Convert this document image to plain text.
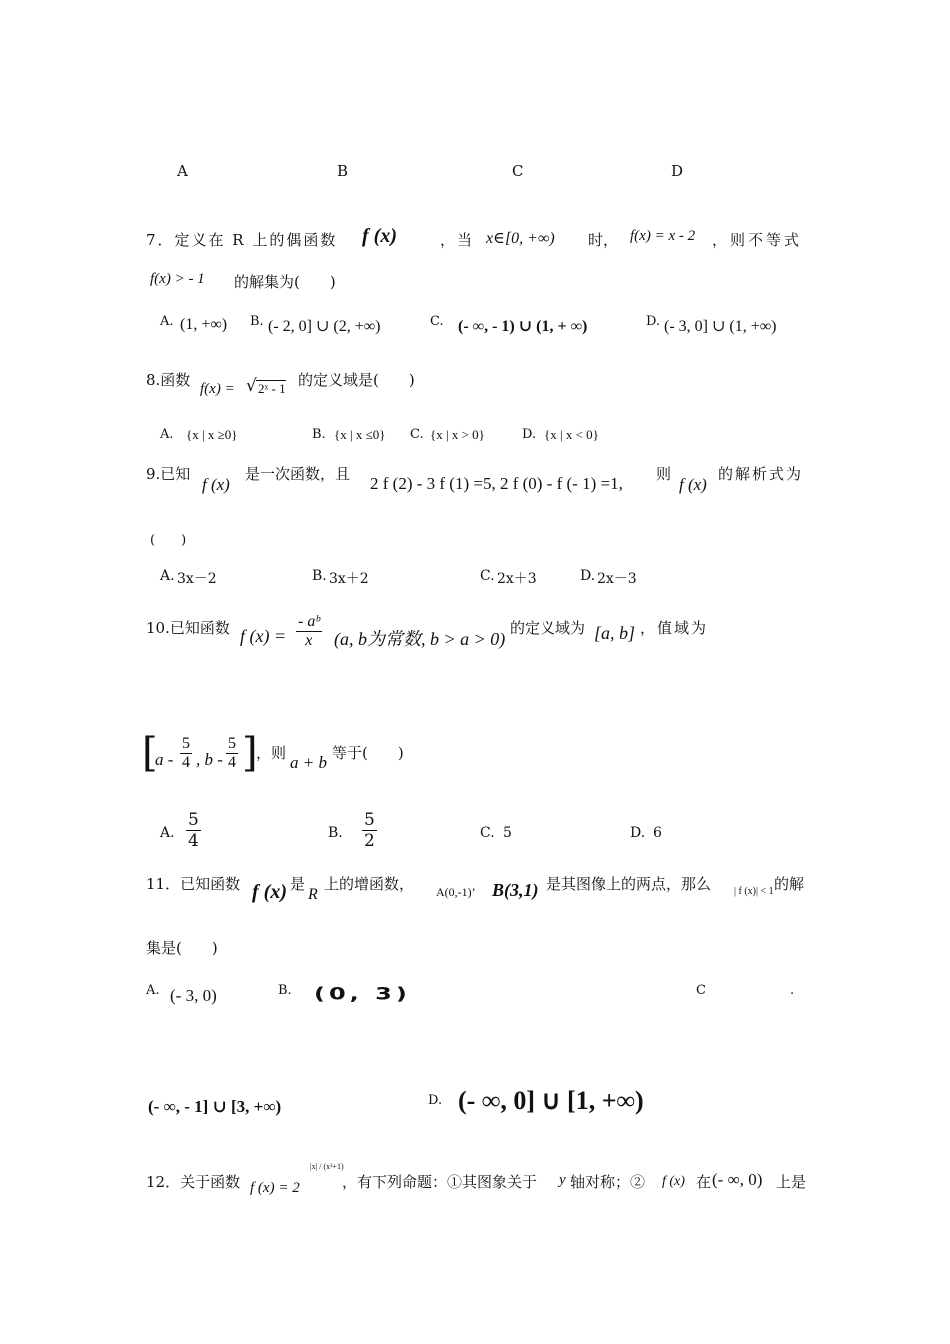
A	B	C	D
7．定义在 R 上的偶函数 f (x)	，当 x∈[0, +∞) 时， f(x) = x - 2 ，则不等式
f(x) > - 1 的解集为(　　)
A. (1, +∞) B. (- 2, 0] ∪ (2, +∞)	C. (- ∞, - 1) ∪ (1, + ∞)	D. (- 3, 0] ∪ (1, +∞)
8.函数 f(x) = √ 2ˣ - 1 的定义域是(　　)
A. {x | x ≥0}	B. {x | x ≤0} C. {x | x > 0}	D. {x | x < 0}
9.已知
f (x)
是一次函数，且 2 f (2) - 3 f (1) =5, 2 f (0) - f (- 1) =1, 则
f (x)
的解析式为
(　　)
A. 3x－2	B. 3x＋2	C. 2x＋3	D. 2x－3
10.已知函数 f $(x) = \frac{\text{- aᵇ}}{x} (a$, b为常数, b > a > 0)
的定义域为 [a, b] ，值域为
[
a - $\frac{5}{4}$ , b - $\frac{5}{4}$ ]
，则 a + b 等于(　　)
A. $\frac{5}{4}$	B. $\frac{5}{2}$	C. 5	D. 6
11．已知函数 f (x) 是
R
上的增函数， A(0,-1)’ B(3,1) 是其图像上的两点，那么 | f (x)| < 1 的解
集是(　　)
A. (- 3, 0)	B. (0, 3)	C	.
(- ∞, - 1] ∪ [3, +∞)	D. (- ∞, 0] ∪ [1, +∞)
12．关于函数 f (x) = 2
|x| / (x²+1)
，有下列命题：①其图象关于 y 轴对称；② f (x) 在 (- ∞, 0) 上是
